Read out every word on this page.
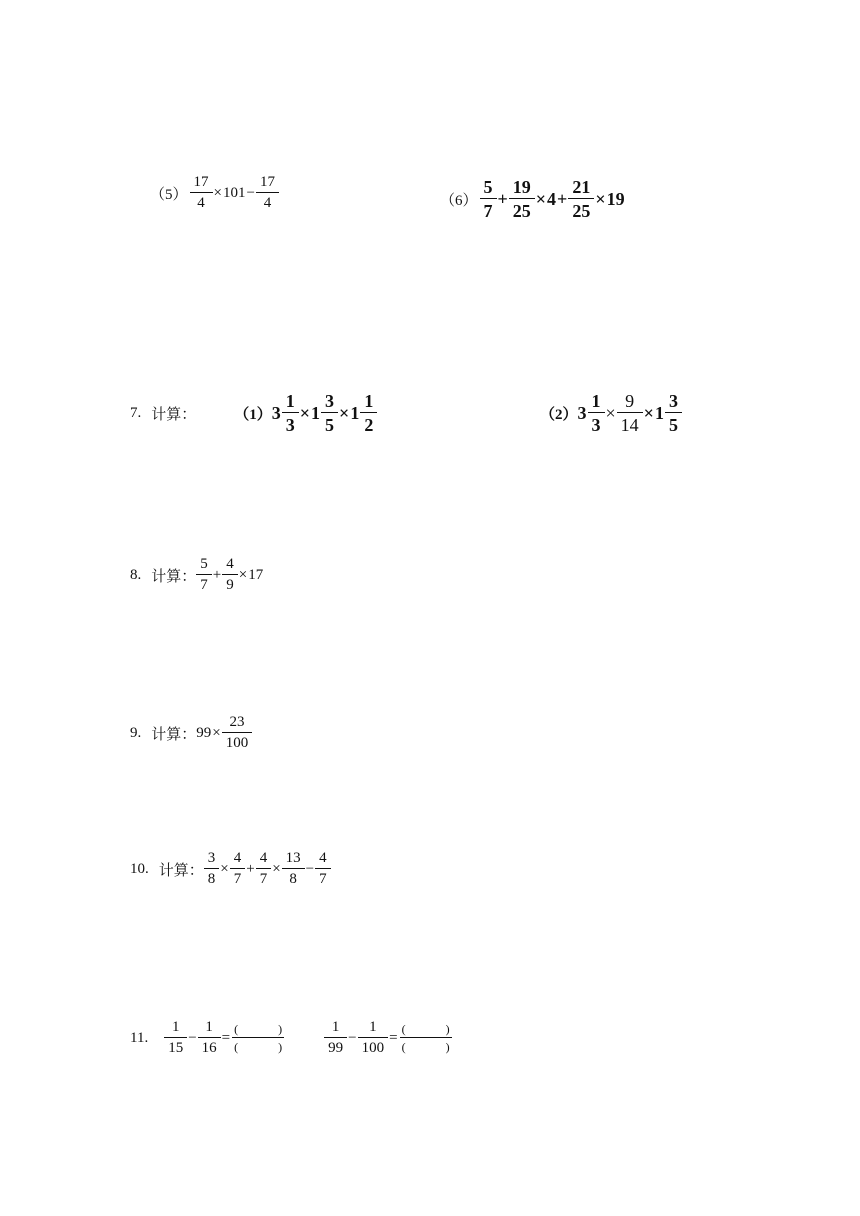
$(5) \frac{17}{4} \times 101 - \frac{17}{4}$	$(6) \frac{5}{7} + \frac{19}{25} \times 4 + \frac{21}{25} \times 19$
7. 计算：	（1） $3 \frac{1}{3} \times 1 \frac{3}{5} \times 1 \frac{1}{2}$	（2） $3 \frac{1}{3} \times \frac{9}{14} \times 1 \frac{3}{5}$
8. 计算： $\frac{5}{7} + \frac{4}{9} \times 17$
9. 计算： $99 \times \frac{23}{100}$
10. 计算： $\frac{3}{8} \times \frac{4}{7} + \frac{4}{7} \times \frac{13}{8} - \frac{4}{7}$
11. $\frac{1}{15} - \frac{1}{16}$ =
(	)
(	)	$\frac{1}{99} - \frac{1}{100}$ =
(	)
(	)
